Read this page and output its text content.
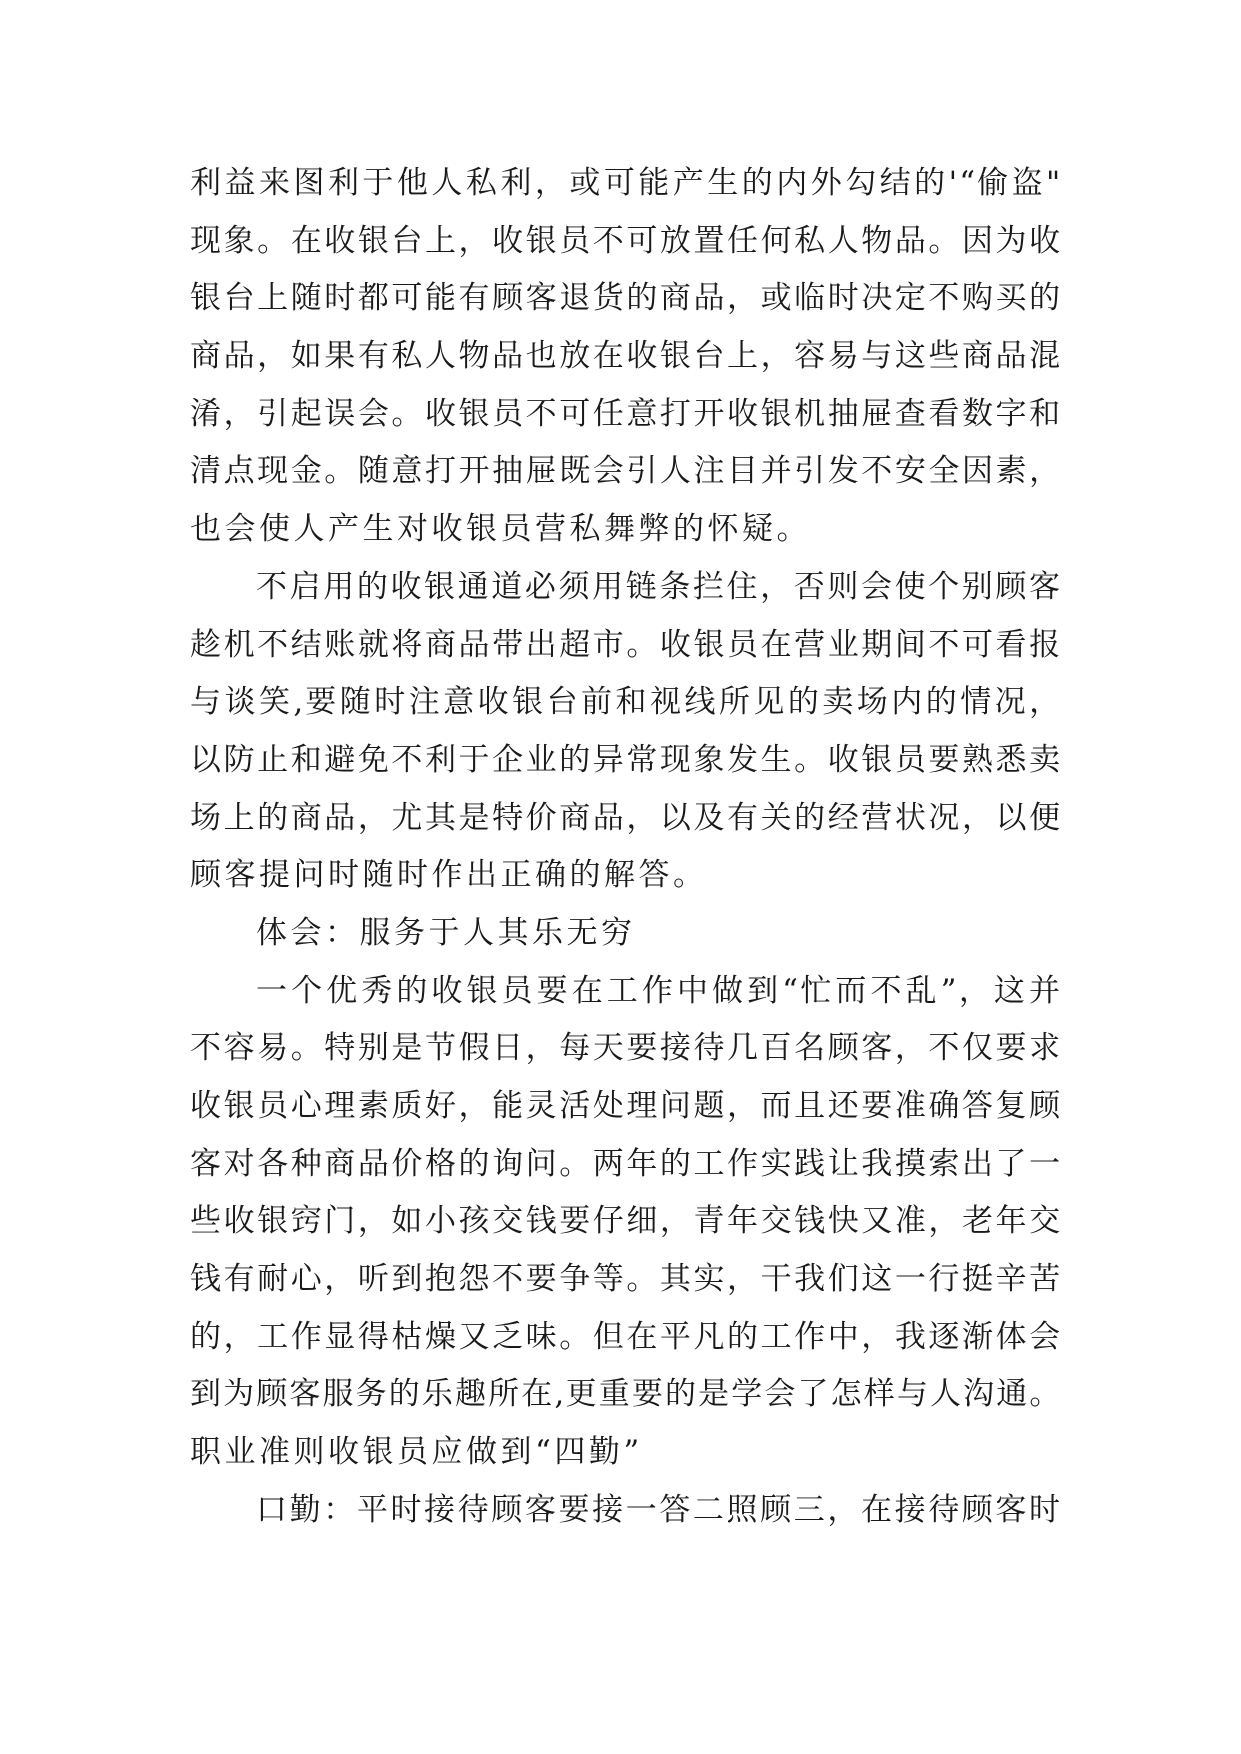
利 益 来 图 利 于 他 人 私 利 ， 或 可 能 产 生 的 内 外 勾 结 的 ' “ 偷 盗 "
现 象 。 在 收 银 台 上 ， 收 银 员 不 可 放 置 任 何 私 人 物 品 。 因 为 收
银 台 上 随 时 都 可 能 有 顾 客 退 货 的 商 品 ， 或 临 时 决 定 不 购 买 的
商 品 ， 如 果 有 私 人 物 品 也 放 在 收 银 台 上 ， 容 易 与 这 些 商 品 混
淆 ， 引 起 误 会 。 收 银 员 不 可 任 意 打 开 收 银 机 抽 屉 查 看 数 字 和
清 点 现 金 。 随 意 打 开 抽 屉 既 会 引 人 注 目 并 引 发 不 安 全 因 素 ，
也会使人产生对收银员营私舞弊的怀疑。
不 启 用 的 收 银 通 道 必 须 用 链 条 拦 住 ， 否 则 会 使 个 别 顾 客
趁 机 不 结 账 就 将 商 品 带 出 超 市 。 收 银 员 在 营 业 期 间 不 可 看 报
与 谈 笑 , 要 随 时 注 意 收 银 台 前 和 视 线 所 见 的 卖 场 内 的 情 况 ，
以 防 止 和 避 免 不 利 于 企 业 的 异 常 现 象 发 生 。 收 银 员 要 熟 悉 卖
场 上 的 商 品 ， 尤 其 是 特 价 商 品 ， 以 及 有 关 的 经 营 状 况 ， 以 便
顾客提问时随时作出正确的解答。
体会：服务于人其乐无穷
一 个 优 秀 的 收 银 员 要 在 工 作 中 做 到 “ 忙 而 不 乱 ” ， 这 并
不 容 易 。 特 别 是 节 假 日 ， 每 天 要 接 待 几 百 名 顾 客 ， 不 仅 要 求
收 银 员 心 理 素 质 好 ， 能 灵 活 处 理 问 题 ， 而 且 还 要 准 确 答 复 顾
客 对 各 种 商 品 价 格 的 询 问 。 两 年 的 工 作 实 践 让 我 摸 索 出 了 一
些 收 银 窍 门 ， 如 小 孩 交 钱 要 仔 细 ， 青 年 交 钱 快 又 准 ， 老 年 交
钱 有 耐 心 ， 听 到 抱 怨 不 要 争 等 。 其 实 ， 干 我 们 这 一 行 挺 辛 苦
的 ， 工 作 显 得 枯 燥 又 乏 味 。 但 在 平 凡 的 工 作 中 ， 我 逐 渐 体 会
到 为 顾 客 服 务 的 乐 趣 所 在 , 更 重 要 的 是 学 会 了 怎 样 与 人 沟 通 。
职业准则收银员应做到“四勤”
口 勤 ： 平 时 接 待 顾 客 要 接 一 答 二 照 顾 三 ， 在 接 待 顾 客 时
